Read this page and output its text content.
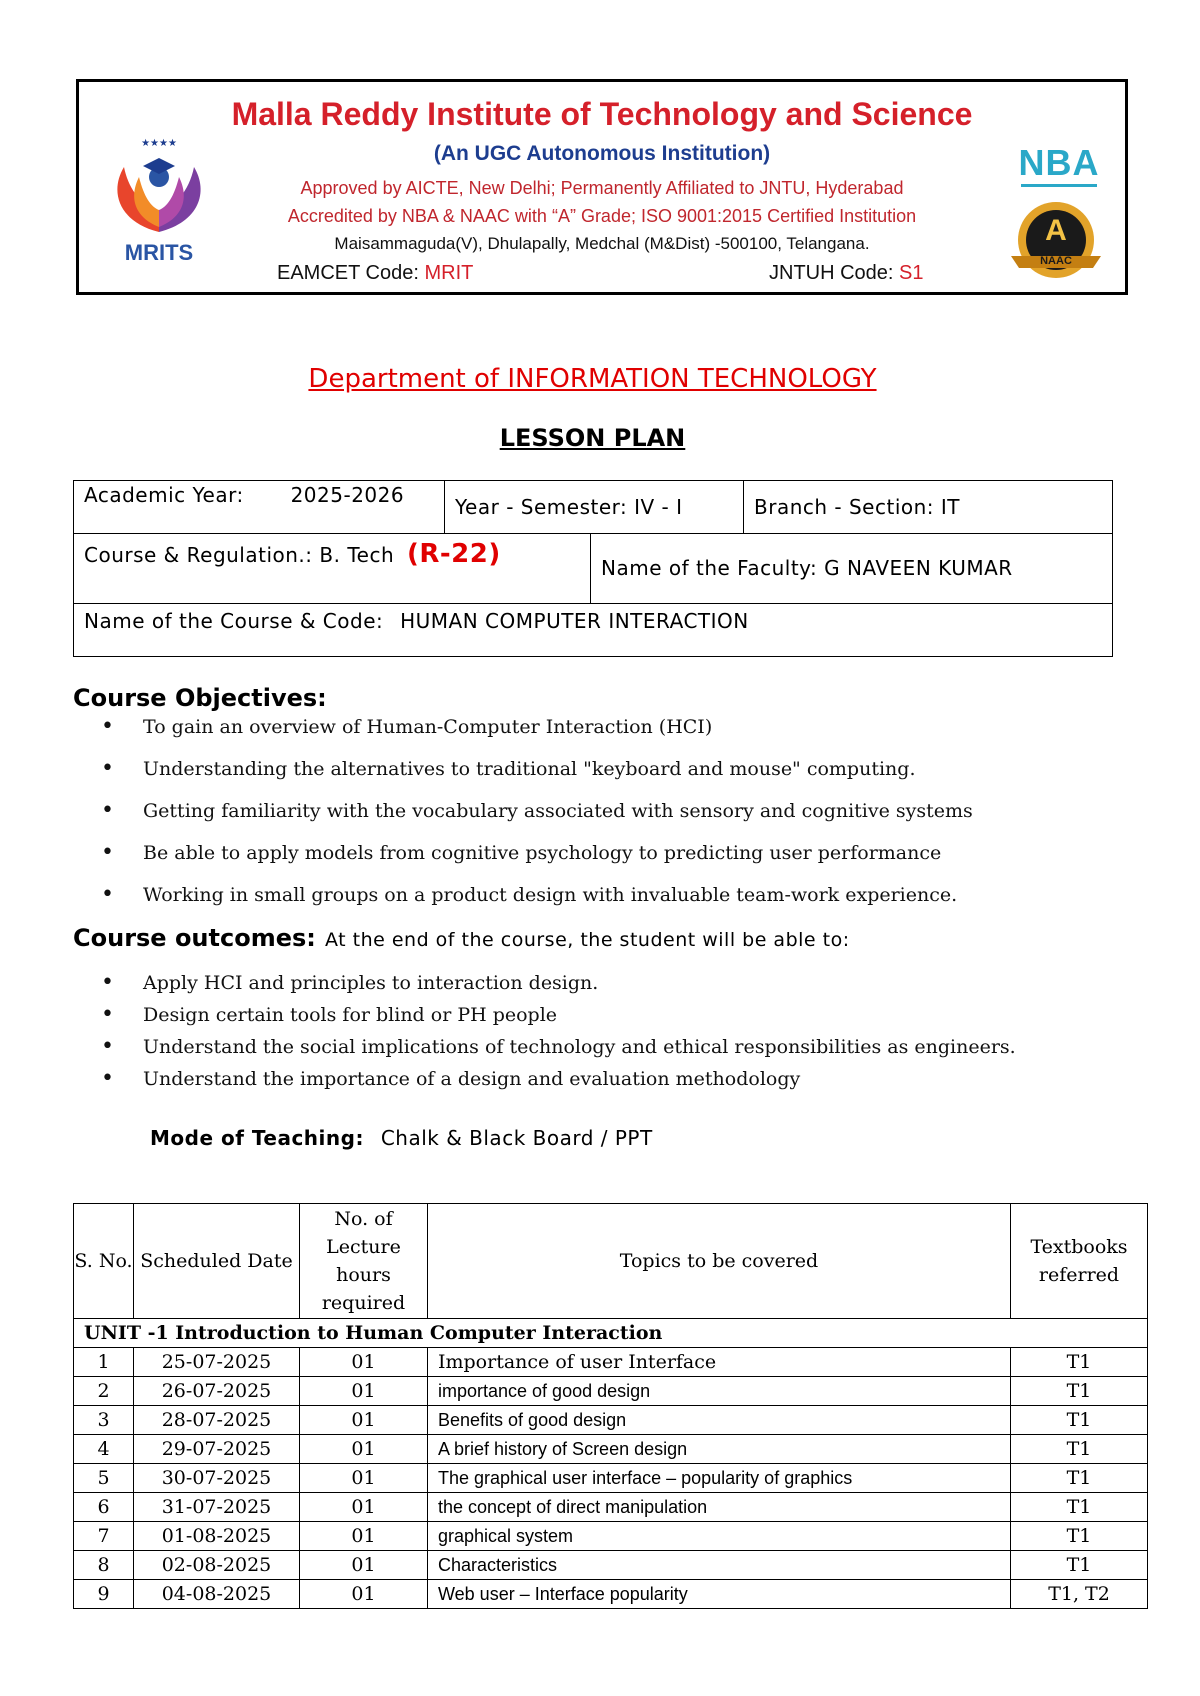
★★★★
MRITS
Malla Reddy Institute of Technology and Science
(An UGC Autonomous Institution)
Approved by AICTE, New Delhi; Permanently Affiliated to JNTU, Hyderabad
Accredited by NBA & NAAC with “A” Grade; ISO 9001:2015 Certified Institution
Maisammaguda(V), Dhulapally, Medchal (M&Dist) -500100, Telangana.
EAMCET Code: MRIT	JNTUH Code: S1
NBA
A
NAAC
Department of INFORMATION TECHNOLOGY
LESSON PLAN
Academic Year: 2025-2026	Year - Semester: IV - I	Branch - Section: IT
Course & Regulation.: B. Tech (R-22)	Name of the Faculty: G NAVEEN KUMAR
Name of the Course & Code: HUMAN COMPUTER INTERACTION
Course Objectives:
• To gain an overview of Human-Computer Interaction (HCI)
• Understanding the alternatives to traditional "keyboard and mouse" computing.
• Getting familiarity with the vocabulary associated with sensory and cognitive systems
• Be able to apply models from cognitive psychology to predicting user performance
• Working in small groups on a product design with invaluable team-work experience.
Course outcomes: At the end of the course, the student will be able to:
• Apply HCI and principles to interaction design.
• Design certain tools for blind or PH people
• Understand the social implications of technology and ethical responsibilities as engineers.
• Understand the importance of a design and evaluation methodology
Mode of Teaching: Chalk & Black Board / PPT
S. No.	Scheduled Date	No. of Lecture hours required	Topics to be covered	Textbooks referred
UNIT -1 Introduction to Human Computer Interaction				
1	25-07-2025	01	Importance of user Interface	T1
2	26-07-2025	01	importance of good design	T1
3	28-07-2025	01	Benefits of good design	T1
4	29-07-2025	01	A brief history of Screen design	T1
5	30-07-2025	01	The graphical user interface – popularity of graphics	T1
6	31-07-2025	01	the concept of direct manipulation	T1
7	01-08-2025	01	graphical system	T1
8	02-08-2025	01	Characteristics	T1
9	04-08-2025	01	Web user – Interface popularity	T1, T2
